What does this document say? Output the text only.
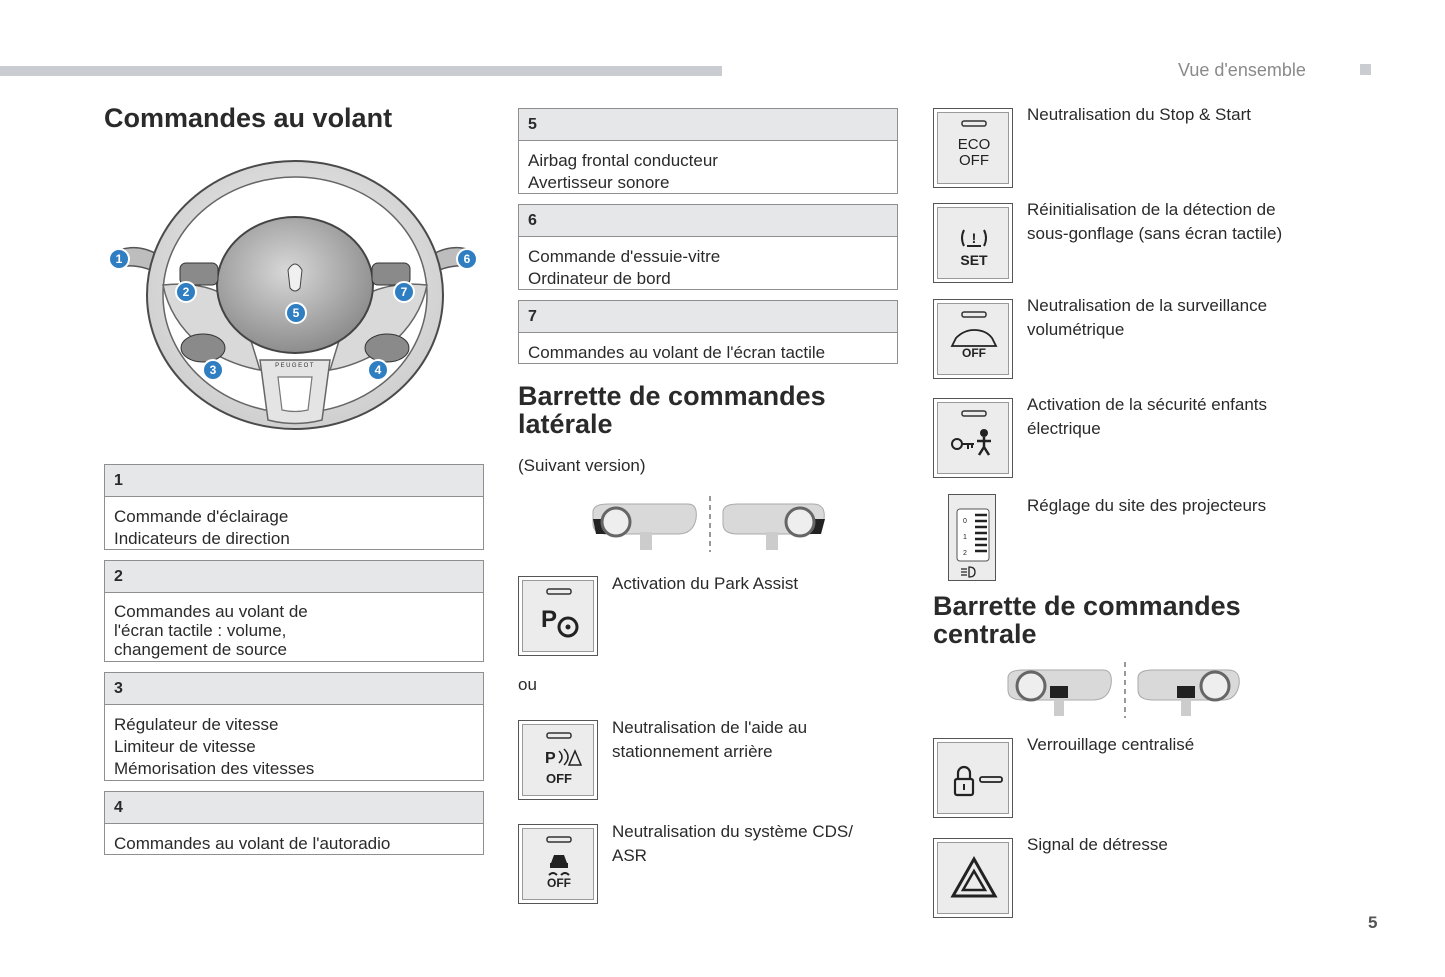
Vue d'ensemble
5
Commandes au volant
PEUGEOT
1
2
3	4
5
6
7
1
Commande d'éclairage
Indicateurs de direction
2
Commandes au volant de
l'écran tactile : volume,
changement de source
3
Régulateur de vitesse
Limiteur de vitesse
Mémorisation des vitesses
4
Commandes au volant de l'autoradio
5
Airbag frontal conducteur
Avertisseur sonore
6
Commande d'essuie-vitre
Ordinateur de bord
7
Commandes au volant de l'écran tactile
Barrette de commandes
latérale
(Suivant version)
P
Activation du Park Assist
ou
P
OFF
Neutralisation de l'aide au
stationnement arrière
OFF
Neutralisation du système CDS/
ASR
ECO
OFF
Neutralisation du Stop & Start
!
SET
Réinitialisation de la détection de
sous-gonflage (sans écran tactile)
OFF
Neutralisation de la surveillance
volumétrique
Activation de la sécurité enfants
électrique
0
1
2
Réglage du site des projecteurs
Barrette de commandes
centrale
Verrouillage centralisé
Signal de détresse
